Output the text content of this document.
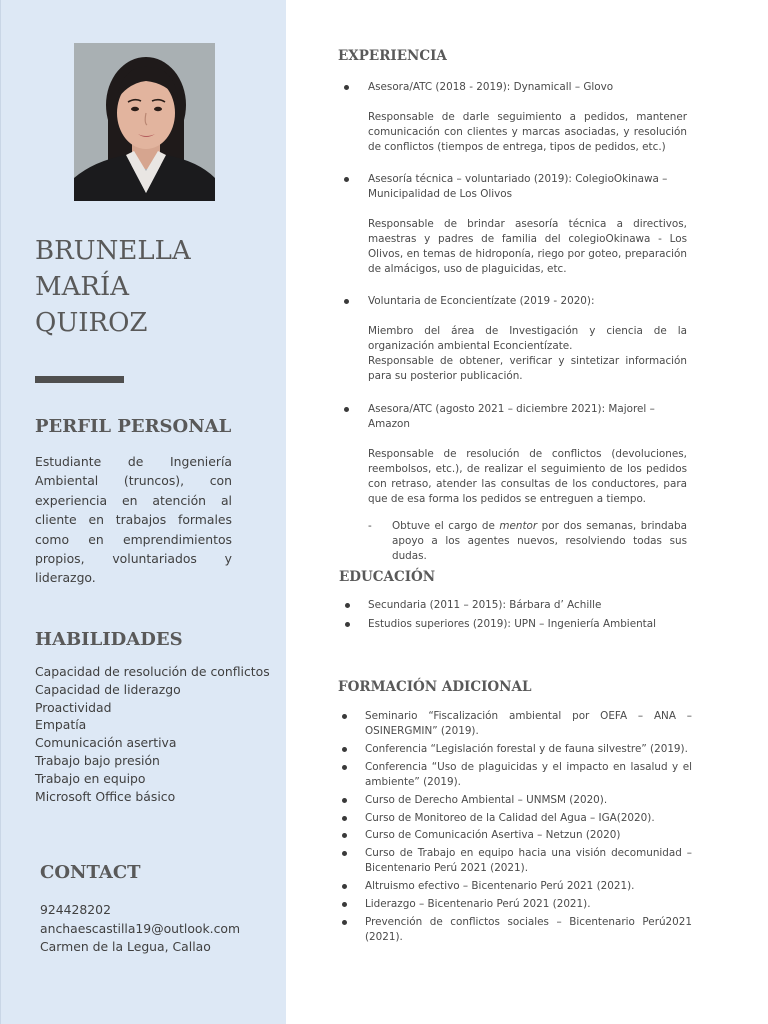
BRUNELLA
MARÍA
QUIROZ
PERFIL PERSONAL
Estudiante de Ingeniería Ambiental (truncos), con experiencia en atención al cliente en trabajos formales como en emprendimientos propios, voluntariados y liderazgo.
HABILIDADES
Capacidad de resolución de conflictos
Capacidad de liderazgo
Proactividad
Empatía
Comunicación asertiva
Trabajo bajo presión
Trabajo en equipo
Microsoft Office básico
CONTACT
924428202
anchaescastilla19@outlook.com
Carmen de la Legua, Callao
EXPERIENCIA
Asesora/ATC (2018 - 2019): Dynamicall – Glovo
Responsable de darle seguimiento a pedidos, mantener comunicación con clientes y marcas asociadas, y resolución de conflictos (tiempos de entrega, tipos de pedidos, etc.)
Asesoría técnica – voluntariado (2019): ColegioOkinawa – Municipalidad de Los Olivos
Responsable de brindar asesoría técnica a directivos, maestras y padres de familia del colegioOkinawa - Los Olivos, en temas de hidroponía, riego por goteo, preparación de almácigos, uso de plaguicidas, etc.
Voluntaria de Econcientízate (2019 - 2020):
Miembro del área de Investigación y ciencia de la organización ambiental Econcientízate.
Responsable de obtener, verificar y sintetizar información para su posterior publicación.
Asesora/ATC (agosto 2021 – diciembre 2021): Majorel – Amazon
Responsable de resolución de conflictos (devoluciones, reembolsos, etc.), de realizar el seguimiento de los pedidos con retraso, atender las consultas de los conductores, para que de esa forma los pedidos se entreguen a tiempo.
- Obtuve el cargo de mentor por dos semanas, brindaba apoyo a los agentes nuevos, resolviendo todas sus dudas.
EDUCACIÓN
Secundaria (2011 – 2015): Bárbara d’ Achille
Estudios superiores (2019): UPN – Ingeniería Ambiental
FORMACIÓN ADICIONAL
Seminario “Fiscalización ambiental por OEFA – ANA – OSINERGMIN” (2019).
Conferencia “Legislación forestal y de fauna silvestre” (2019).
Conferencia “Uso de plaguicidas y el impacto en lasalud y el ambiente” (2019).
Curso de Derecho Ambiental – UNMSM (2020).
Curso de Monitoreo de la Calidad del Agua – IGA(2020).
Curso de Comunicación Asertiva – Netzun (2020)
Curso de Trabajo en equipo hacia una visión decomunidad – Bicentenario Perú 2021 (2021).
Altruismo efectivo – Bicentenario Perú 2021 (2021).
Liderazgo – Bicentenario Perú 2021 (2021).
Prevención de conflictos sociales – Bicentenario Perú2021 (2021).
